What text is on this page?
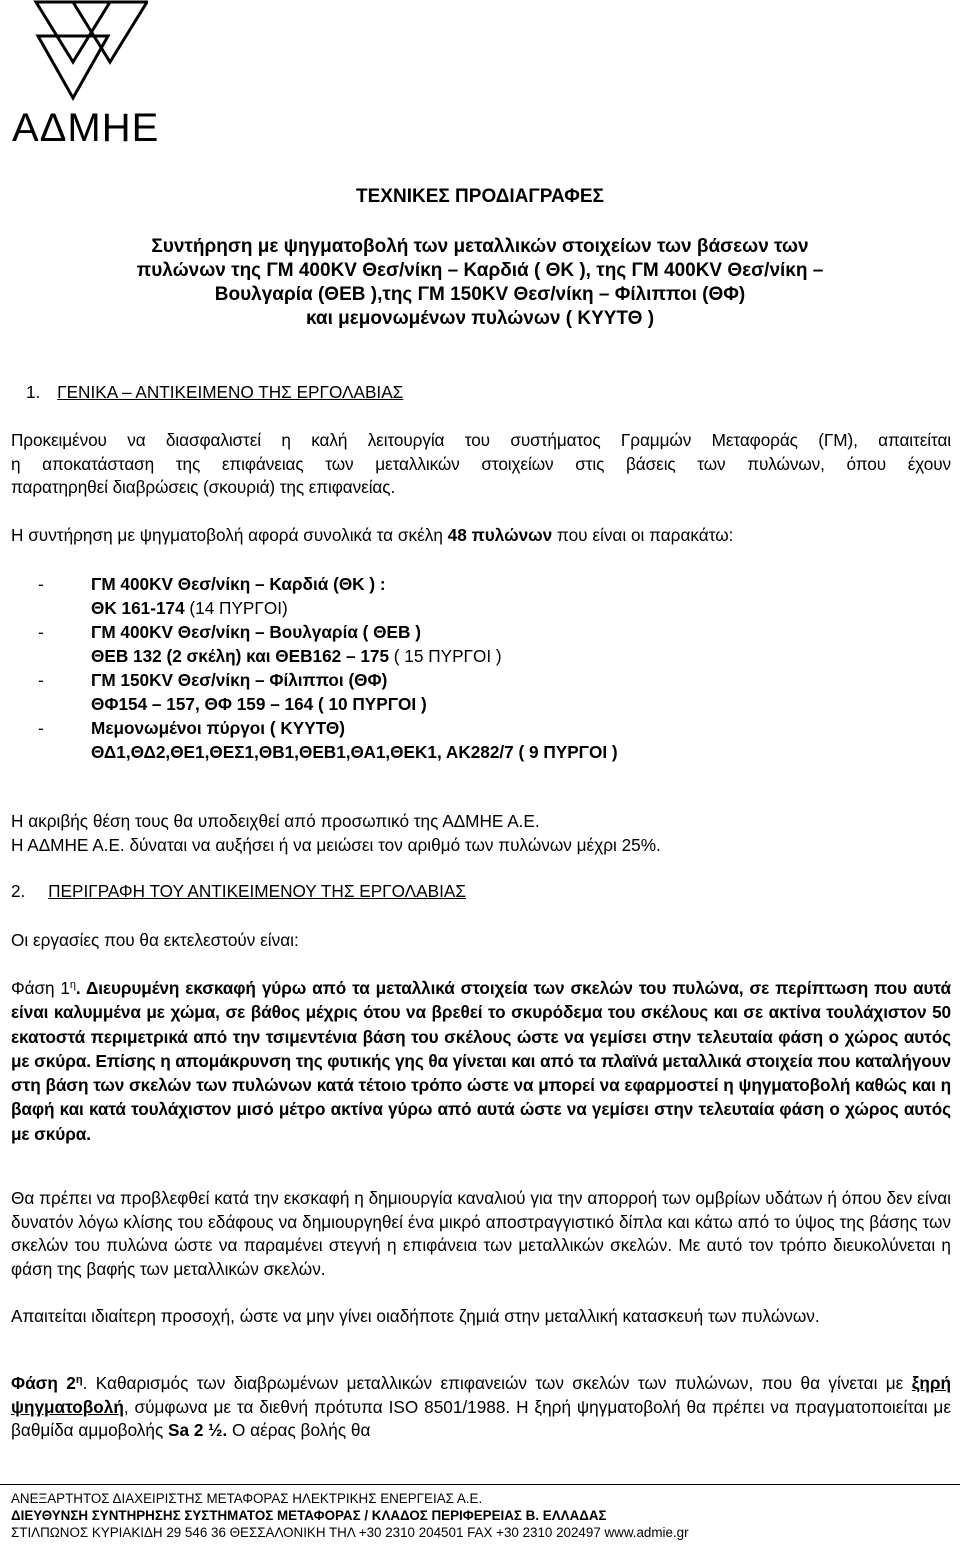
ΑΔΜΗΕ
ΤΕΧΝΙΚΕΣ ΠΡΟΔΙΑΓΡΑΦΕΣ
Συντήρηση με ψηγματοβολή των μεταλλικών στοιχείων των βάσεων των
πυλώνων της ΓΜ 400KV Θεσ/νίκη – Καρδιά ( ΘΚ ), της ΓΜ 400KV Θεσ/νίκη –
Βουλγαρία (ΘΕΒ ),της ΓΜ 150KV Θεσ/νίκη – Φίλιπποι (ΘΦ)
και μεμονωμένων πυλώνων ( ΚΥΥΤΘ )
1. ΓΕΝΙΚΑ – ΑΝΤΙΚΕΙΜΕΝΟ ΤΗΣ ΕΡΓΟΛΑΒΙΑΣ
Προκειμένου να διασφαλιστεί η καλή λειτουργία του συστήματος Γραμμών Μεταφοράς (ΓΜ), απαιτείται
η αποκατάσταση της επιφάνειας των μεταλλικών στοιχείων στις βάσεις των πυλώνων, όπου έχουν
παρατηρηθεί διαβρώσεις (σκουριά) της επιφανείας.
Η συντήρηση με ψηγματοβολή αφορά συνολικά τα σκέλη 48 πυλώνων που είναι οι παρακάτω:
-	ΓΜ 400KV Θεσ/νίκη – Καρδιά (ΘΚ ) :
ΘΚ 161-174 (14 ΠΥΡΓΟΙ)
-	ΓΜ 400KV Θεσ/νίκη – Βουλγαρία ( ΘΕΒ )
ΘΕΒ 132 (2 σκέλη) και ΘΕΒ162 – 175 ( 15 ΠΥΡΓΟΙ )
-	ΓΜ 150KV Θεσ/νίκη – Φίλιπποι (ΘΦ)
ΘΦ154 – 157, ΘΦ 159 – 164 ( 10 ΠΥΡΓΟΙ )
-	Μεμονωμένοι πύργοι ( ΚΥΥΤΘ)
ΘΔ1,ΘΔ2,ΘΕ1,ΘΕΣ1,ΘΒ1,ΘΕΒ1,ΘΑ1,ΘΕΚ1, ΑΚ282/7 ( 9 ΠΥΡΓΟΙ )
Η ακριβής θέση τους θα υποδειχθεί από προσωπικό της ΑΔΜΗΕ Α.Ε.
Η ΑΔΜΗΕ Α.Ε. δύναται να αυξήσει ή να μειώσει τον αριθμό των πυλώνων μέχρι 25%.
2. ΠΕΡΙΓΡΑΦΗ ΤΟΥ ΑΝΤΙΚΕΙΜΕΝΟΥ ΤΗΣ ΕΡΓΟΛΑΒΙΑΣ
Οι εργασίες που θα εκτελεστούν είναι:
Φάση $1^\eta$. Διευρυμένη εκσκαφή γύρω από τα μεταλλικά στοιχεία των σκελών του πυλώνα, σε περίπτωση που αυτά είναι καλυμμένα με χώμα, σε βάθος μέχρις ότου να βρεθεί το σκυρόδεμα του σκέλους και σε ακτίνα τουλάχιστον 50 εκατοστά περιμετρικά από την τσιμεντένια βάση του σκέλους ώστε να γεμίσει στην τελευταία φάση ο χώρος αυτός με σκύρα. Επίσης η απομάκρυνση της φυτικής γης θα γίνεται και από τα πλαϊνά μεταλλικά στοιχεία που καταλήγουν στη βάση των σκελών των πυλώνων κατά τέτοιο τρόπο ώστε να μπορεί να εφαρμοστεί η ψηγματοβολή καθώς και η βαφή και κατά τουλάχιστον μισό μέτρο ακτίνα γύρω από αυτά ώστε να γεμίσει στην τελευταία φάση ο χώρος αυτός με σκύρα.
Θα πρέπει να προβλεφθεί κατά την εκσκαφή η δημιουργία καναλιού για την απορροή των ομβρίων υδάτων ή όπου δεν είναι δυνατόν λόγω κλίσης του εδάφους να δημιουργηθεί ένα μικρό αποστραγγιστικό δίπλα και κάτω από το ύψος της βάσης των σκελών του πυλώνα ώστε να παραμένει στεγνή η επιφάνεια των μεταλλικών σκελών. Με αυτό τον τρόπο διευκολύνεται η φάση της βαφής των μεταλλικών σκελών.
Απαιτείται ιδιαίτερη προσοχή, ώστε να μην γίνει οιαδήποτε ζημιά στην μεταλλική κατασκευή των πυλώνων.
Φάση $2^\eta$. Καθαρισμός των διαβρωμένων μεταλλικών επιφανειών των σκελών των πυλώνων, που θα γίνεται με ξηρή ψηγματοβολή, σύμφωνα με τα διεθνή πρότυπα ISO 8501/1988. Η ξηρή ψηγματοβολή θα πρέπει να πραγματοποιείται με βαθμίδα αμμοβολής Sa 2 ½. Ο αέρας βολής θα
ΑΝΕΞΑΡΤΗΤΟΣ ΔΙΑΧΕΙΡΙΣΤΗΣ ΜΕΤΑΦΟΡΑΣ ΗΛΕΚΤΡΙΚΗΣ ΕΝΕΡΓΕΙΑΣ Α.Ε.
ΔΙΕΥΘΥΝΣΗ ΣΥΝΤΗΡΗΣΗΣ ΣΥΣΤΗΜΑΤΟΣ ΜΕΤΑΦΟΡΑΣ / ΚΛΑΔΟΣ ΠΕΡΙΦΕΡΕΙΑΣ Β. ΕΛΛΑΔΑΣ
ΣΤΙΛΠΩΝΟΣ ΚΥΡΙΑΚΙΔΗ 29 546 36 ΘΕΣΣΑΛΟΝΙΚΗ ΤΗΛ +30 2310 204501 FAX +30 2310 202497 www.admie.gr
